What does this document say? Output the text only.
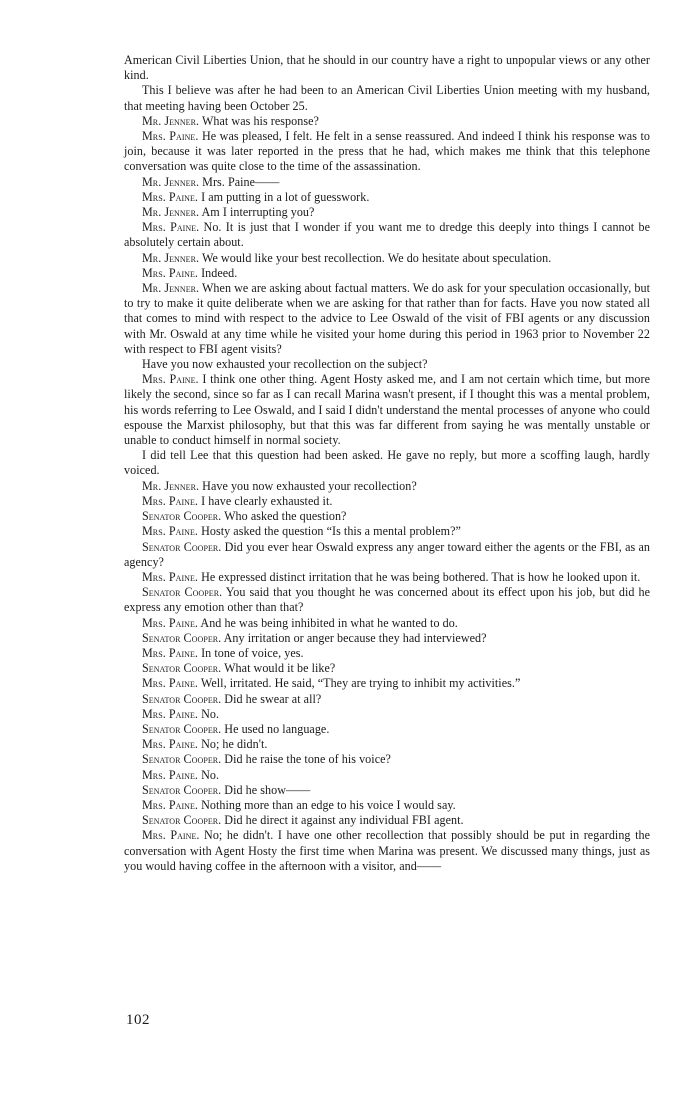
American Civil Liberties Union, that he should in our country have a right to unpopular views or any other kind.

This I believe was after he had been to an American Civil Liberties Union meeting with my husband, that meeting having been October 25.

Mr. Jenner. What was his response?

Mrs. Paine. He was pleased, I felt. He felt in a sense reassured. And indeed I think his response was to join, because it was later reported in the press that he had, which makes me think that this telephone conversation was quite close to the time of the assassination.

Mr. Jenner. Mrs. Paine——

Mrs. Paine. I am putting in a lot of guesswork.

Mr. Jenner. Am I interrupting you?

Mrs. Paine. No. It is just that I wonder if you want me to dredge this deeply into things I cannot be absolutely certain about.

Mr. Jenner. We would like your best recollection. We do hesitate about speculation.

Mrs. Paine. Indeed.

Mr. Jenner. When we are asking about factual matters. We do ask for your speculation occasionally, but to try to make it quite deliberate when we are asking for that rather than for facts. Have you now stated all that comes to mind with respect to the advice to Lee Oswald of the visit of FBI agents or any discussion with Mr. Oswald at any time while he visited your home during this period in 1963 prior to November 22 with respect to FBI agent visits?

Have you now exhausted your recollection on the subject?

Mrs. Paine. I think one other thing. Agent Hosty asked me, and I am not certain which time, but more likely the second, since so far as I can recall Marina wasn't present, if I thought this was a mental problem, his words referring to Lee Oswald, and I said I didn't understand the mental processes of anyone who could espouse the Marxist philosophy, but that this was far different from saying he was mentally unstable or unable to conduct himself in normal society.

I did tell Lee that this question had been asked. He gave no reply, but more a scoffing laugh, hardly voiced.

Mr. Jenner. Have you now exhausted your recollection?

Mrs. Paine. I have clearly exhausted it.

Senator Cooper. Who asked the question?

Mrs. Paine. Hosty asked the question “Is this a mental problem?”

Senator Cooper. Did you ever hear Oswald express any anger toward either the agents or the FBI, as an agency?

Mrs. Paine. He expressed distinct irritation that he was being bothered. That is how he looked upon it.

Senator Cooper. You said that you thought he was concerned about its effect upon his job, but did he express any emotion other than that?

Mrs. Paine. And he was being inhibited in what he wanted to do.

Senator Cooper. Any irritation or anger because they had interviewed?

Mrs. Paine. In tone of voice, yes.

Senator Cooper. What would it be like?

Mrs. Paine. Well, irritated. He said, “They are trying to inhibit my activities.”

Senator Cooper. Did he swear at all?

Mrs. Paine. No.

Senator Cooper. He used no language.

Mrs. Paine. No; he didn't.

Senator Cooper. Did he raise the tone of his voice?

Mrs. Paine. No.

Senator Cooper. Did he show——

Mrs. Paine. Nothing more than an edge to his voice I would say.

Senator Cooper. Did he direct it against any individual FBI agent.

Mrs. Paine. No; he didn't. I have one other recollection that possibly should be put in regarding the conversation with Agent Hosty the first time when Marina was present. We discussed many things, just as you would having coffee in the afternoon with a visitor, and——

102
